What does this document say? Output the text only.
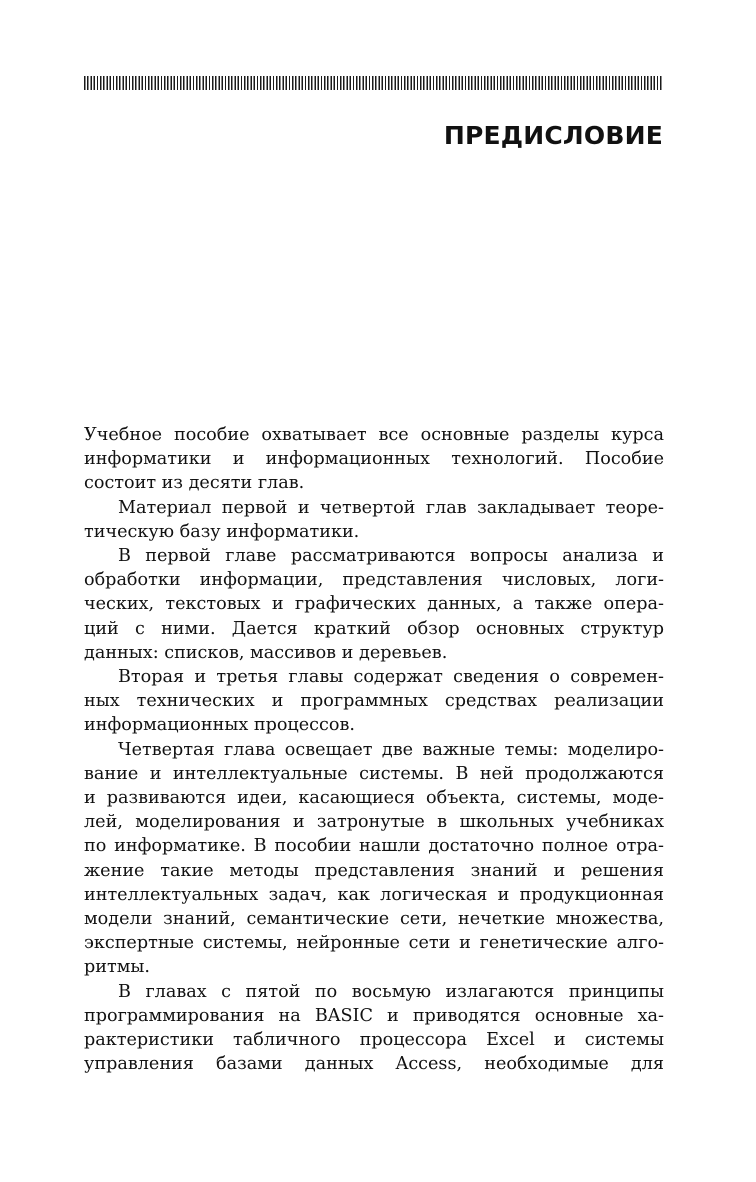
ПРЕДИСЛОВИЕ
Учебное пособие охватывает все основные разделы курса
информатики и информационных технологий. Пособие
состоит из десяти глав.
Материал первой и четвертой глав закладывает теоре-
тическую базу информатики.
В первой главе рассматриваются вопросы анализа и
обработки информации, представления числовых, логи-
ческих, текстовых и графических данных, а также опера-
ций с ними. Дается краткий обзор основных структур
данных: списков, массивов и деревьев.
Вторая и третья главы содержат сведения о современ-
ных технических и программных средствах реализации
информационных процессов.
Четвертая глава освещает две важные темы: моделиро-
вание и интеллектуальные системы. В ней продолжаются
и развиваются идеи, касающиеся объекта, системы, моде-
лей, моделирования и затронутые в школьных учебниках
по информатике. В пособии нашли достаточно полное отра-
жение такие методы представления знаний и решения
интеллектуальных задач, как логическая и продукционная
модели знаний, семантические сети, нечеткие множества,
экспертные системы, нейронные сети и генетические алго-
ритмы.
В главах с пятой по восьмую излагаются принципы
программирования на BASIC и приводятся основные ха-
рактеристики табличного процессора Excel и системы
управления базами данных Access, необходимые для
